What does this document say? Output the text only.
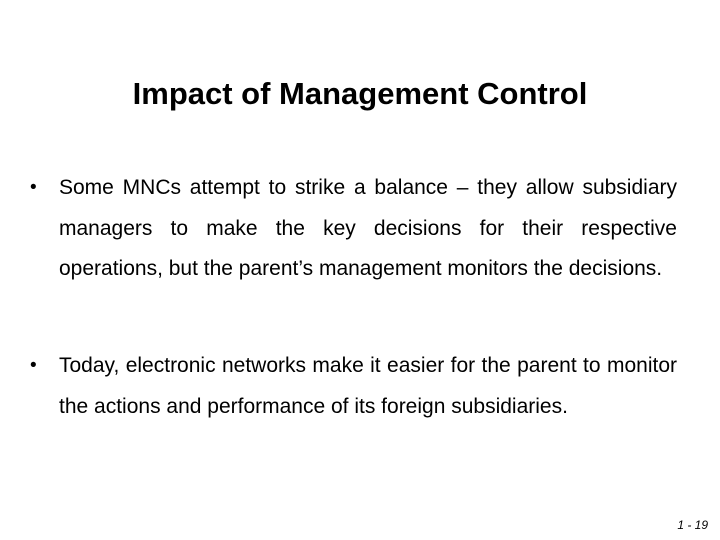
Impact of Management Control
•	Some MNCs attempt to strike a balance – they allow subsidiary managers to make the key decisions for their respective operations, but the parent’s management monitors the decisions.
•	Today, electronic networks make it easier for the parent to monitor the actions and performance of its foreign subsidiaries.
1 - 19
